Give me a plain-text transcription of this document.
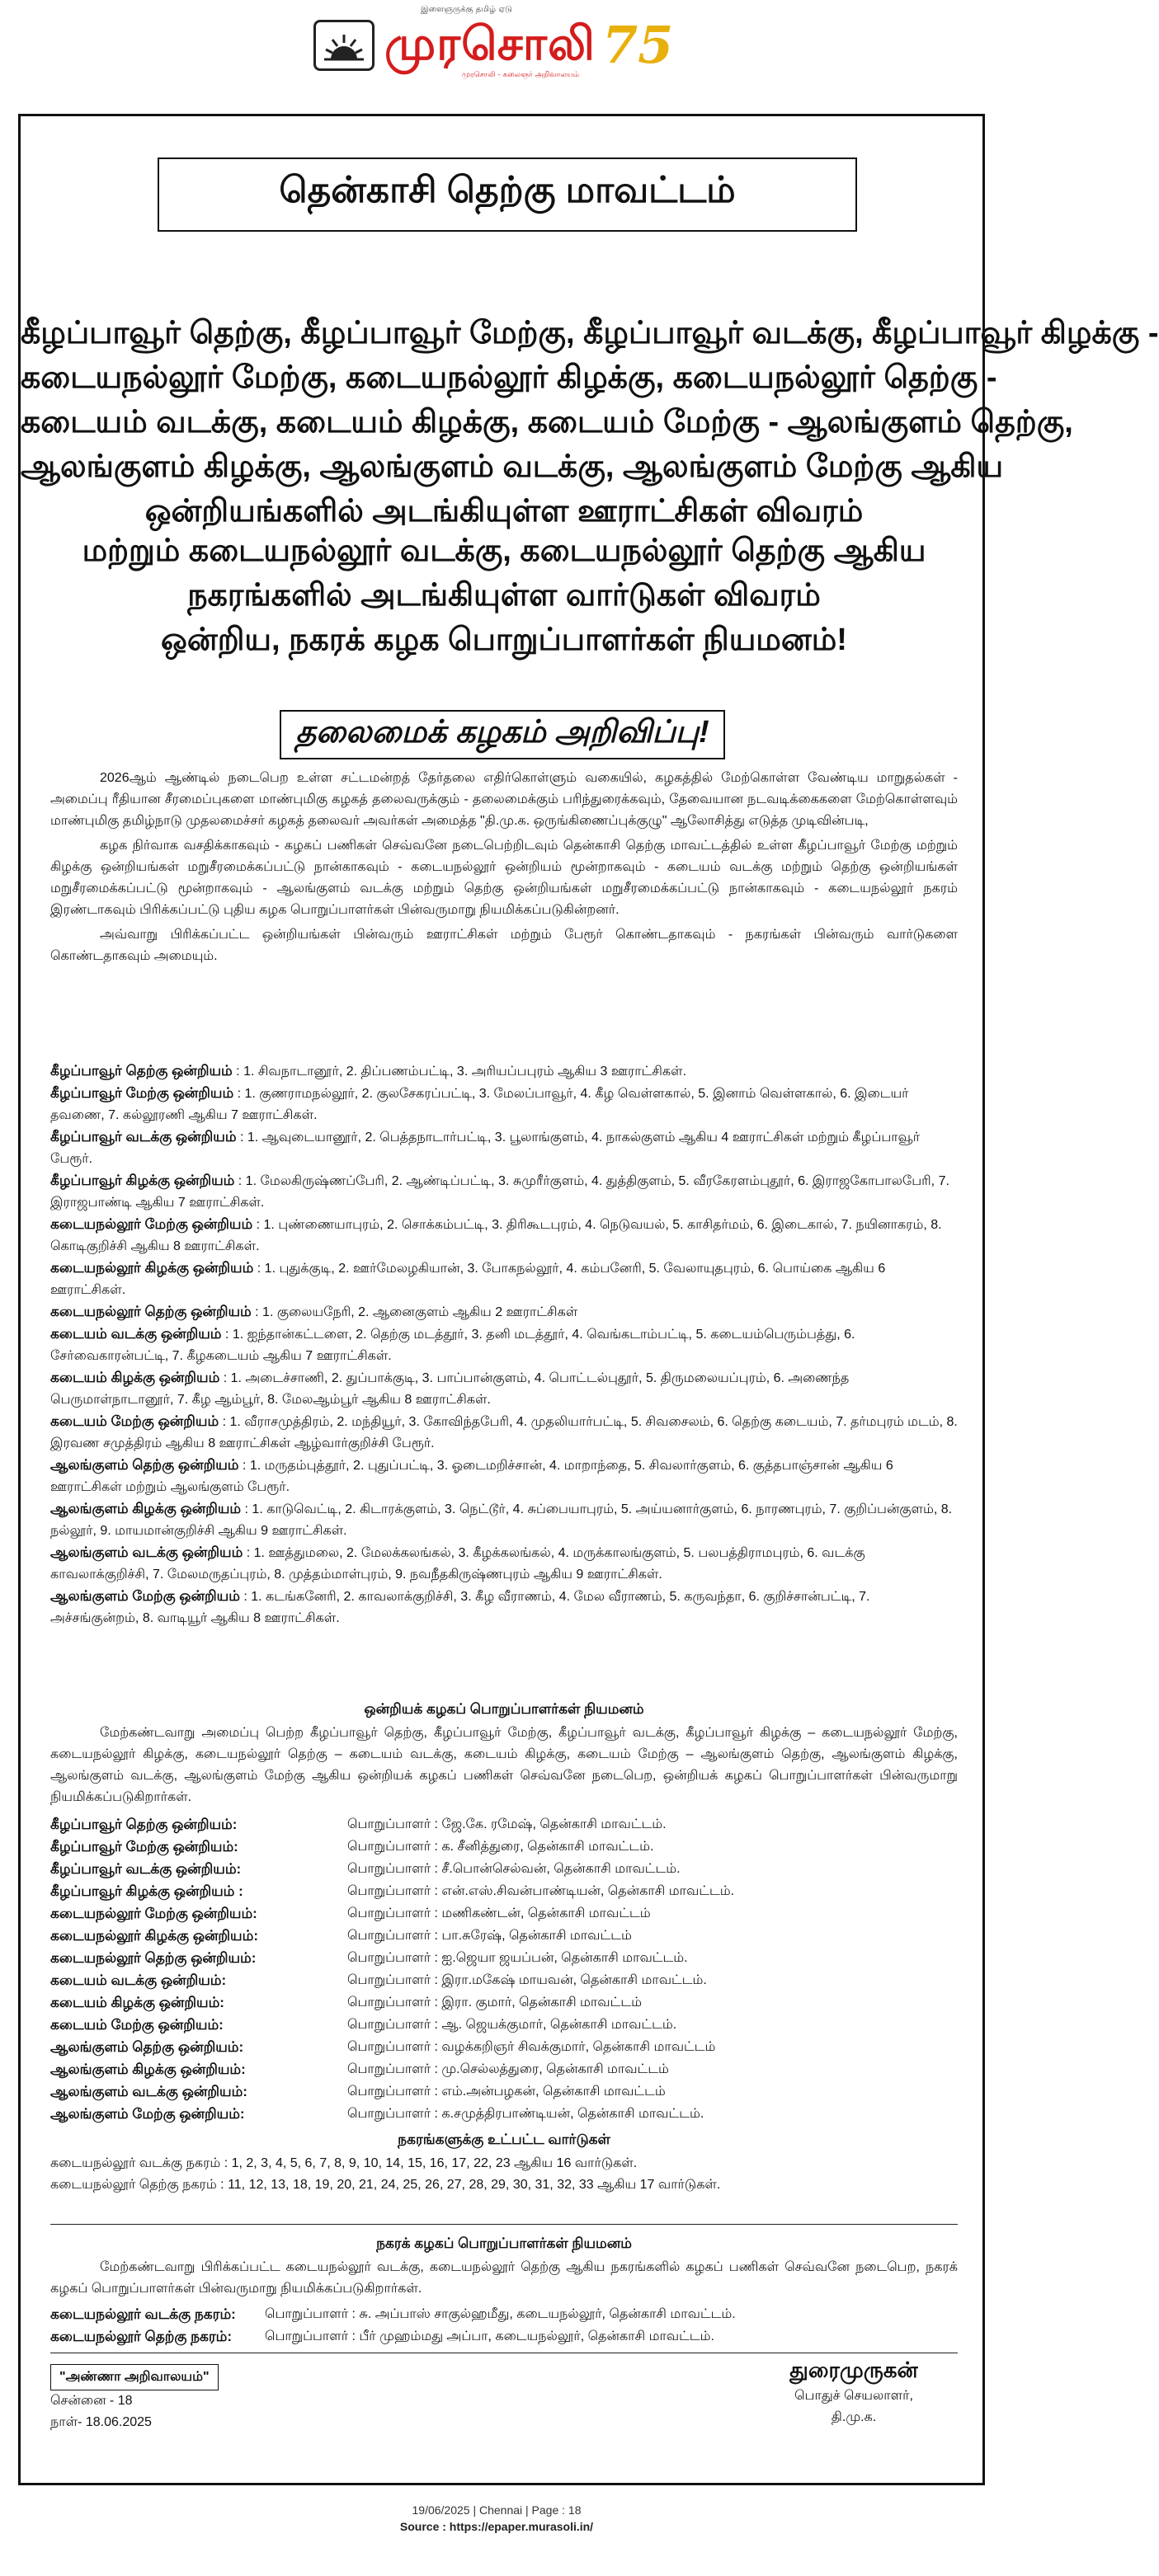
இளைஞருக்கு தமிழ் ஏடு
முரசொலி 75
முரசொலி - கலைஞர் அறிவாலயம்
தென்காசி தெற்கு மாவட்டம்
கீழப்பாவூர் தெற்கு, கீழப்பாவூர் மேற்கு, கீழப்பாவூர் வடக்கு, கீழப்பாவூர் கிழக்கு -
கடையநல்லூர் மேற்கு, கடையநல்லூர் கிழக்கு, கடையநல்லூர் தெற்கு -
கடையம் வடக்கு, கடையம் கிழக்கு, கடையம் மேற்கு - ஆலங்குளம் தெற்கு,
ஆலங்குளம் கிழக்கு, ஆலங்குளம் வடக்கு, ஆலங்குளம் மேற்கு ஆகிய
ஒன்றியங்களில் அடங்கியுள்ள ஊராட்சிகள் விவரம்
மற்றும் கடையநல்லூர் வடக்கு, கடையநல்லூர் தெற்கு ஆகிய
நகரங்களில் அடங்கியுள்ள வார்டுகள் விவரம்
ஒன்றிய, நகரக் கழக பொறுப்பாளர்கள் நியமனம்!
தலைமைக் கழகம் அறிவிப்பு!

2026ஆம் ஆண்டில் நடைபெற உள்ள சட்டமன்றத் தேர்தலை எதிர்கொள்ளும் வகையில், கழகத்தில் மேற்கொள்ள வேண்டிய மாறுதல்கள் - அமைப்பு ரீதியான சீரமைப்புகளை மாண்புமிகு கழகத் தலைவருக்கும் - தலைமைக்கும் பரிந்துரைக்கவும், தேவையான நடவடிக்கைகளை மேற்கொள்ளவும் மாண்புமிகு தமிழ்நாடு முதலமைச்சர் கழகத் தலைவர் அவர்கள் அமைத்த "தி.மு.க. ஒருங்கிணைப்புக்குழு" ஆலோசித்து எடுத்த முடிவின்படி,

கழக நிர்வாக வசதிக்காகவும் - கழகப் பணிகள் செவ்வனே நடைபெற்றிடவும் தென்காசி தெற்கு மாவட்டத்தில் உள்ள கீழப்பாவூர் மேற்கு மற்றும் கிழக்கு ஒன்றியங்கள் மறுசீரமைக்கப்பட்டு நான்காகவும் - கடையநல்லூர் ஒன்றியம் மூன்றாகவும் - கடையம் வடக்கு மற்றும் தெற்கு ஒன்றியங்கள் மறுசீரமைக்கப்பட்டு மூன்றாகவும் - ஆலங்குளம் வடக்கு மற்றும் தெற்கு ஒன்றியங்கள் மறுசீரமைக்கப்பட்டு நான்காகவும் - கடையநல்லூர் நகரம் இரண்டாகவும் பிரிக்கப்பட்டு புதிய கழக பொறுப்பாளர்கள் பின்வருமாறு நியமிக்கப்படுகின்றனர்.

அவ்வாறு பிரிக்கப்பட்ட ஒன்றியங்கள் பின்வரும் ஊராட்சிகள் மற்றும் பேரூர் கொண்டதாகவும் - நகரங்கள் பின்வரும் வார்டுகளை கொண்டதாகவும் அமையும்.

கீழப்பாவூர் தெற்கு ஒன்றியம் : 1. சிவநாடானூர், 2. திப்பணம்பட்டி, 3. அரியப்பபுரம் ஆகிய 3 ஊராட்சிகள்.
கீழப்பாவூர் மேற்கு ஒன்றியம் : 1. குணராமநல்லூர், 2. குலசேகரப்பட்டி, 3. மேலப்பாவூர், 4. கீழ வெள்ளகால், 5. இனாம் வெள்ளகால், 6. இடையர் தவணை, 7. கல்லூரணி ஆகிய 7 ஊராட்சிகள்.
கீழப்பாவூர் வடக்கு ஒன்றியம் : 1. ஆவுடையானூர், 2. பெத்தநாடார்பட்டி, 3. பூலாங்குளம், 4. நாகல்குளம் ஆகிய 4 ஊராட்சிகள் மற்றும் கீழப்பாவூர் பேரூர்.
கீழப்பாவூர் கிழக்கு ஒன்றியம் : 1. மேலகிருஷ்ணப்பேரி, 2. ஆண்டிப்பட்டி, 3. சுமுரீர்குளம், 4. துத்திகுளம், 5. வீரகேரளம்புதூர், 6. இராஜகோபாலபேரி, 7. இராஜபாண்டி ஆகிய 7 ஊராட்சிகள்.
கடையநல்லூர் மேற்கு ஒன்றியம் : 1. புண்ணையாபுரம், 2. சொக்கம்பட்டி, 3. திரிகூடபுரம், 4. நெடுவயல், 5. காசிதர்மம், 6. இடைகால், 7. நயினாகரம், 8. கொடிகுறிச்சி ஆகிய 8 ஊராட்சிகள்.
கடையநல்லூர் கிழக்கு ஒன்றியம் : 1. புதுக்குடி, 2. ஊர்மேலழகியான், 3. போகநல்லூர், 4. கம்பனேரி, 5. வேலாயுதபுரம், 6. பொய்கை ஆகிய 6 ஊராட்சிகள்.
கடையநல்லூர் தெற்கு ஒன்றியம் : 1. குலையநேரி, 2. ஆனைகுளம் ஆகிய 2 ஊராட்சிகள்
கடையம் வடக்கு ஒன்றியம் : 1. ஐந்தான்கட்டளை, 2. தெற்கு மடத்தூர், 3. தனி மடத்தூர், 4. வெங்கடாம்பட்டி, 5. கடையம்பெரும்பத்து, 6. சேர்வைகாரன்பட்டி, 7. கீழகடையம் ஆகிய 7 ஊராட்சிகள்.
கடையம் கிழக்கு ஒன்றியம் : 1. அடைச்சாணி, 2. துப்பாக்குடி, 3. பாப்பான்குளம், 4. பொட்டல்புதூர், 5. திருமலையப்புரம், 6. அணைந்த பெருமாள்நாடானூர், 7. கீழ ஆம்பூர், 8. மேலஆம்பூர் ஆகிய 8 ஊராட்சிகள்.
கடையம் மேற்கு ஒன்றியம் : 1. வீராசமுத்திரம், 2. மந்தியூர், 3. கோவிந்தபேரி, 4. முதலியார்பட்டி, 5. சிவசைலம், 6. தெற்கு கடையம், 7. தர்மபுரம் மடம், 8. இரவண சமுத்திரம் ஆகிய 8 ஊராட்சிகள் ஆழ்வார்குறிச்சி பேரூர்.
ஆலங்குளம் தெற்கு ஒன்றியம் : 1. மருதம்புத்தூர், 2. புதுப்பட்டி, 3. ஓடைமறிச்சான், 4. மாறாந்தை, 5. சிவலார்குளம், 6. குத்தபாஞ்சான் ஆகிய 6 ஊராட்சிகள் மற்றும் ஆலங்குளம் பேரூர்.
ஆலங்குளம் கிழக்கு ஒன்றியம் : 1. காடுவெட்டி, 2. கிடாரக்குளம், 3. நெட்டூர், 4. சுப்பையாபுரம், 5. அய்யனார்குளம், 6. நாரணபுரம், 7. குறிப்பன்குளம், 8. நல்லூர், 9. மாயமான்குறிச்சி ஆகிய 9 ஊராட்சிகள்.
ஆலங்குளம் வடக்கு ஒன்றியம் : 1. ஊத்துமலை, 2. மேலக்கலங்கல், 3. கீழக்கலங்கல், 4. மருக்காலங்குளம், 5. பலபத்திராமபுரம், 6. வடக்கு காவலாக்குறிச்சி, 7. மேலமருதப்புரம், 8. முத்தம்மாள்புரம், 9. நவநீதகிருஷ்ணபுரம் ஆகிய 9 ஊராட்சிகள்.
ஆலங்குளம் மேற்கு ஒன்றியம் : 1. கடங்கனேரி, 2. காவலாக்குறிச்சி, 3. கீழ வீராணம், 4. மேல வீராணம், 5. கருவந்தா, 6. குறிச்சான்பட்டி, 7. அச்சங்குன்றம், 8. வாடியூர் ஆகிய 8 ஊராட்சிகள்.
ஒன்றியக் கழகப் பொறுப்பாளர்கள் நியமனம்

மேற்கண்டவாறு அமைப்பு பெற்ற கீழப்பாவூர் தெற்கு, கீழப்பாவூர் மேற்கு, கீழப்பாவூர் வடக்கு, கீழப்பாவூர் கிழக்கு – கடையநல்லூர் மேற்கு, கடையநல்லூர் கிழக்கு, கடையநல்லூர் தெற்கு – கடையம் வடக்கு, கடையம் கிழக்கு, கடையம் மேற்கு – ஆலங்குளம் தெற்கு, ஆலங்குளம் கிழக்கு, ஆலங்குளம் வடக்கு, ஆலங்குளம் மேற்கு ஆகிய ஒன்றியக் கழகப் பணிகள் செவ்வனே நடைபெற, ஒன்றியக் கழகப் பொறுப்பாளர்கள் பின்வருமாறு நியமிக்கப்படுகிறார்கள்.

கீழப்பாவூர் தெற்கு ஒன்றியம்:	பொறுப்பாளர் : ஜே.கே. ரமேஷ், தென்காசி மாவட்டம்.
கீழப்பாவூர் மேற்கு ஒன்றியம்:	பொறுப்பாளர் : க. சீனித்துரை, தென்காசி மாவட்டம்.
கீழப்பாவூர் வடக்கு ஒன்றியம்:	பொறுப்பாளர் : சீ.பொன்செல்வன், தென்காசி மாவட்டம்.
கீழப்பாவூர் கிழக்கு ஒன்றியம் :	பொறுப்பாளர் : என்.எஸ்.சிவன்பாண்டியன், தென்காசி மாவட்டம்.
கடையநல்லூர் மேற்கு ஒன்றியம்:	பொறுப்பாளர் : மணிகண்டன், தென்காசி மாவட்டம்
கடையநல்லூர் கிழக்கு ஒன்றியம்:	பொறுப்பாளர் : பா.சுரேஷ், தென்காசி மாவட்டம்
கடையநல்லூர் தெற்கு ஒன்றியம்:	பொறுப்பாளர் : ஐ.ஜெயா ஜயப்பன், தென்காசி மாவட்டம்.
கடையம் வடக்கு ஒன்றியம்:	பொறுப்பாளர் : இரா.மகேஷ் மாயவன், தென்காசி மாவட்டம்.
கடையம் கிழக்கு ஒன்றியம்:	பொறுப்பாளர் : இரா. குமார், தென்காசி மாவட்டம்
கடையம் மேற்கு ஒன்றியம்:	பொறுப்பாளர் : ஆ. ஜெயக்குமார், தென்காசி மாவட்டம்.
ஆலங்குளம் தெற்கு ஒன்றியம்:	பொறுப்பாளர் : வழக்கறிஞர் சிவக்குமார், தென்காசி மாவட்டம்
ஆலங்குளம் கிழக்கு ஒன்றியம்:	பொறுப்பாளர் : மு.செல்லத்துரை, தென்காசி மாவட்டம்
ஆலங்குளம் வடக்கு ஒன்றியம்:	பொறுப்பாளர் : எம்.அன்பழகன், தென்காசி மாவட்டம்
ஆலங்குளம் மேற்கு ஒன்றியம்:	பொறுப்பாளர் : க.சமுத்திரபாண்டியன், தென்காசி மாவட்டம்.
நகரங்களுக்கு உட்பட்ட வார்டுகள்
கடையநல்லூர் வடக்கு நகரம் : 1, 2, 3, 4, 5, 6, 7, 8, 9, 10, 14, 15, 16, 17, 22, 23 ஆகிய 16 வார்டுகள்.
கடையநல்லூர் தெற்கு நகரம் : 11, 12, 13, 18, 19, 20, 21, 24, 25, 26, 27, 28, 29, 30, 31, 32, 33 ஆகிய 17 வார்டுகள்.
நகரக் கழகப் பொறுப்பாளர்கள் நியமனம்

மேற்கண்டவாறு பிரிக்கப்பட்ட கடையநல்லூர் வடக்கு, கடையநல்லூர் தெற்கு ஆகிய நகரங்களில் கழகப் பணிகள் செவ்வனே நடைபெற, நகரக் கழகப் பொறுப்பாளர்கள் பின்வருமாறு நியமிக்கப்படுகிறார்கள்.

கடையநல்லூர் வடக்கு நகரம்:	பொறுப்பாளர் : சு. அப்பாஸ் சாகுல்ஹமீது, கடையநல்லூர், தென்காசி மாவட்டம்.
கடையநல்லூர் தெற்கு நகரம்:	பொறுப்பாளர் : பீர் முஹம்மது அப்பா, கடையநல்லூர், தென்காசி மாவட்டம்.
"அண்ணா அறிவாலயம்"
சென்னை - 18
நாள்- 18.06.2025
துரைமுருகன்
பொதுச் செயலாளர்,
தி.மு.க.
19/06/2025 | Chennai | Page : 18
Source : https://epaper.murasoli.in/
